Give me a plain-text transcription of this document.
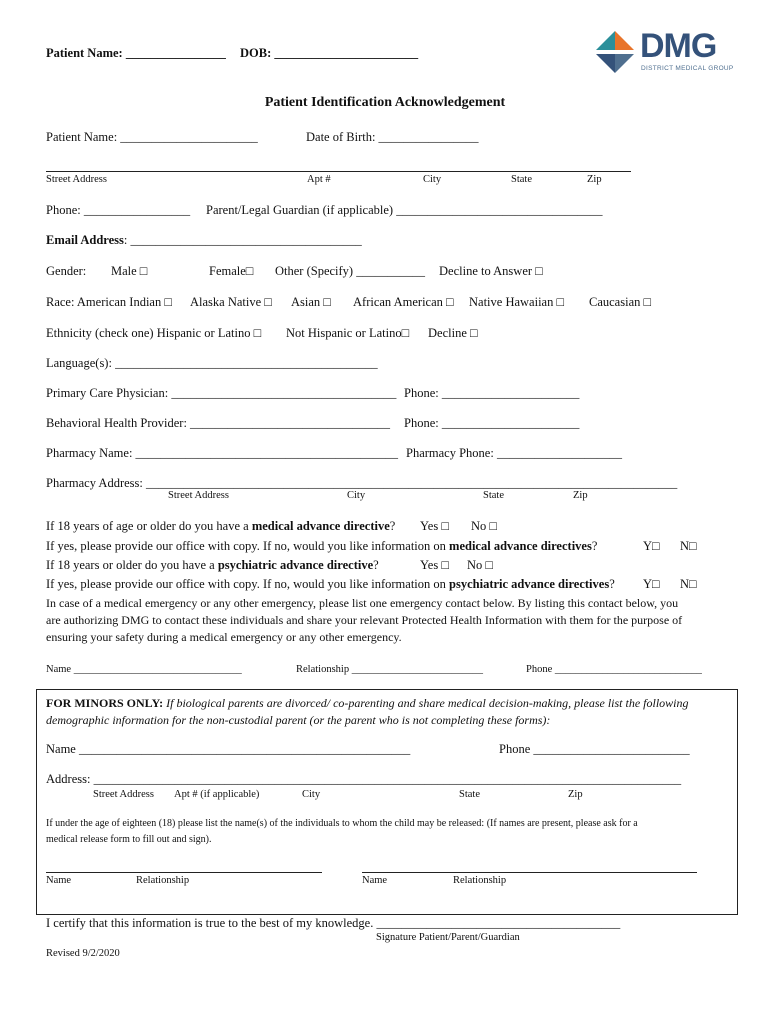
Patient Name: ________________ DOB: _______________________	DMG
DISTRICT MEDICAL GROUP
Patient Identification Acknowledgement
Patient Name: ______________________	Date of Birth: ________________
Street Address	Apt #	City	State	Zip
Phone: _________________ Parent/Legal Guardian (if applicable) _________________________________
Email Address: _____________________________________
Gender: Male □	Female□ Other (Specify) ___________ Decline to Answer □
Race: American Indian □ Alaska Native □ Asian □ African American □ Native Hawaiian □ Caucasian □
Ethnicity (check one) Hispanic or Latino □ Not Hispanic or Latino□ Decline □
Language(s): __________________________________________
Primary Care Physician: ____________________________________ Phone: ______________________
Behavioral Health Provider: ________________________________ Phone: ______________________
Pharmacy Name: __________________________________________ Pharmacy Phone: ____________________
Pharmacy Address: _____________________________________________________________________________________
Street Address	City	State	Zip
If 18 years of age or older do you have a medical advance directive? Yes □ No □
If yes, please provide our office with copy. If no, would you like information on medical advance directives?	Y□ N□
If 18 years or older do you have a psychiatric advance directive?	Yes □ No □
If yes, please provide our office with copy. If no, would you like information on psychiatric advance directives? Y□ N□
In case of a medical emergency or any other emergency, please list one emergency contact below. By listing this contact below, you
are authorizing DMG to contact these individuals and share your relevant Protected Health Information with them for the purpose of
ensuring your safety during a medical emergency or any other emergency.
Name ________________________________	Relationship _________________________	Phone ____________________________
FOR MINORS ONLY: If biological parents are divorced/ co-parenting and share medical decision-making, please list the following
demographic information for the non-custodial parent (or the parent who is not completing these forms):
Name _____________________________________________________	Phone _________________________
Address: ______________________________________________________________________________________________
Street Address Apt # (if applicable)	City	State	Zip
If under the age of eighteen (18) please list the name(s) of the individuals to whom the child may be released: (If names are present, please ask for a
medical release form to fill out and sign).
Name	Relationship	Name	Relationship
I certify that this information is true to the best of my knowledge. _______________________________________
Signature Patient/Parent/Guardian
Revised 9/2/2020
